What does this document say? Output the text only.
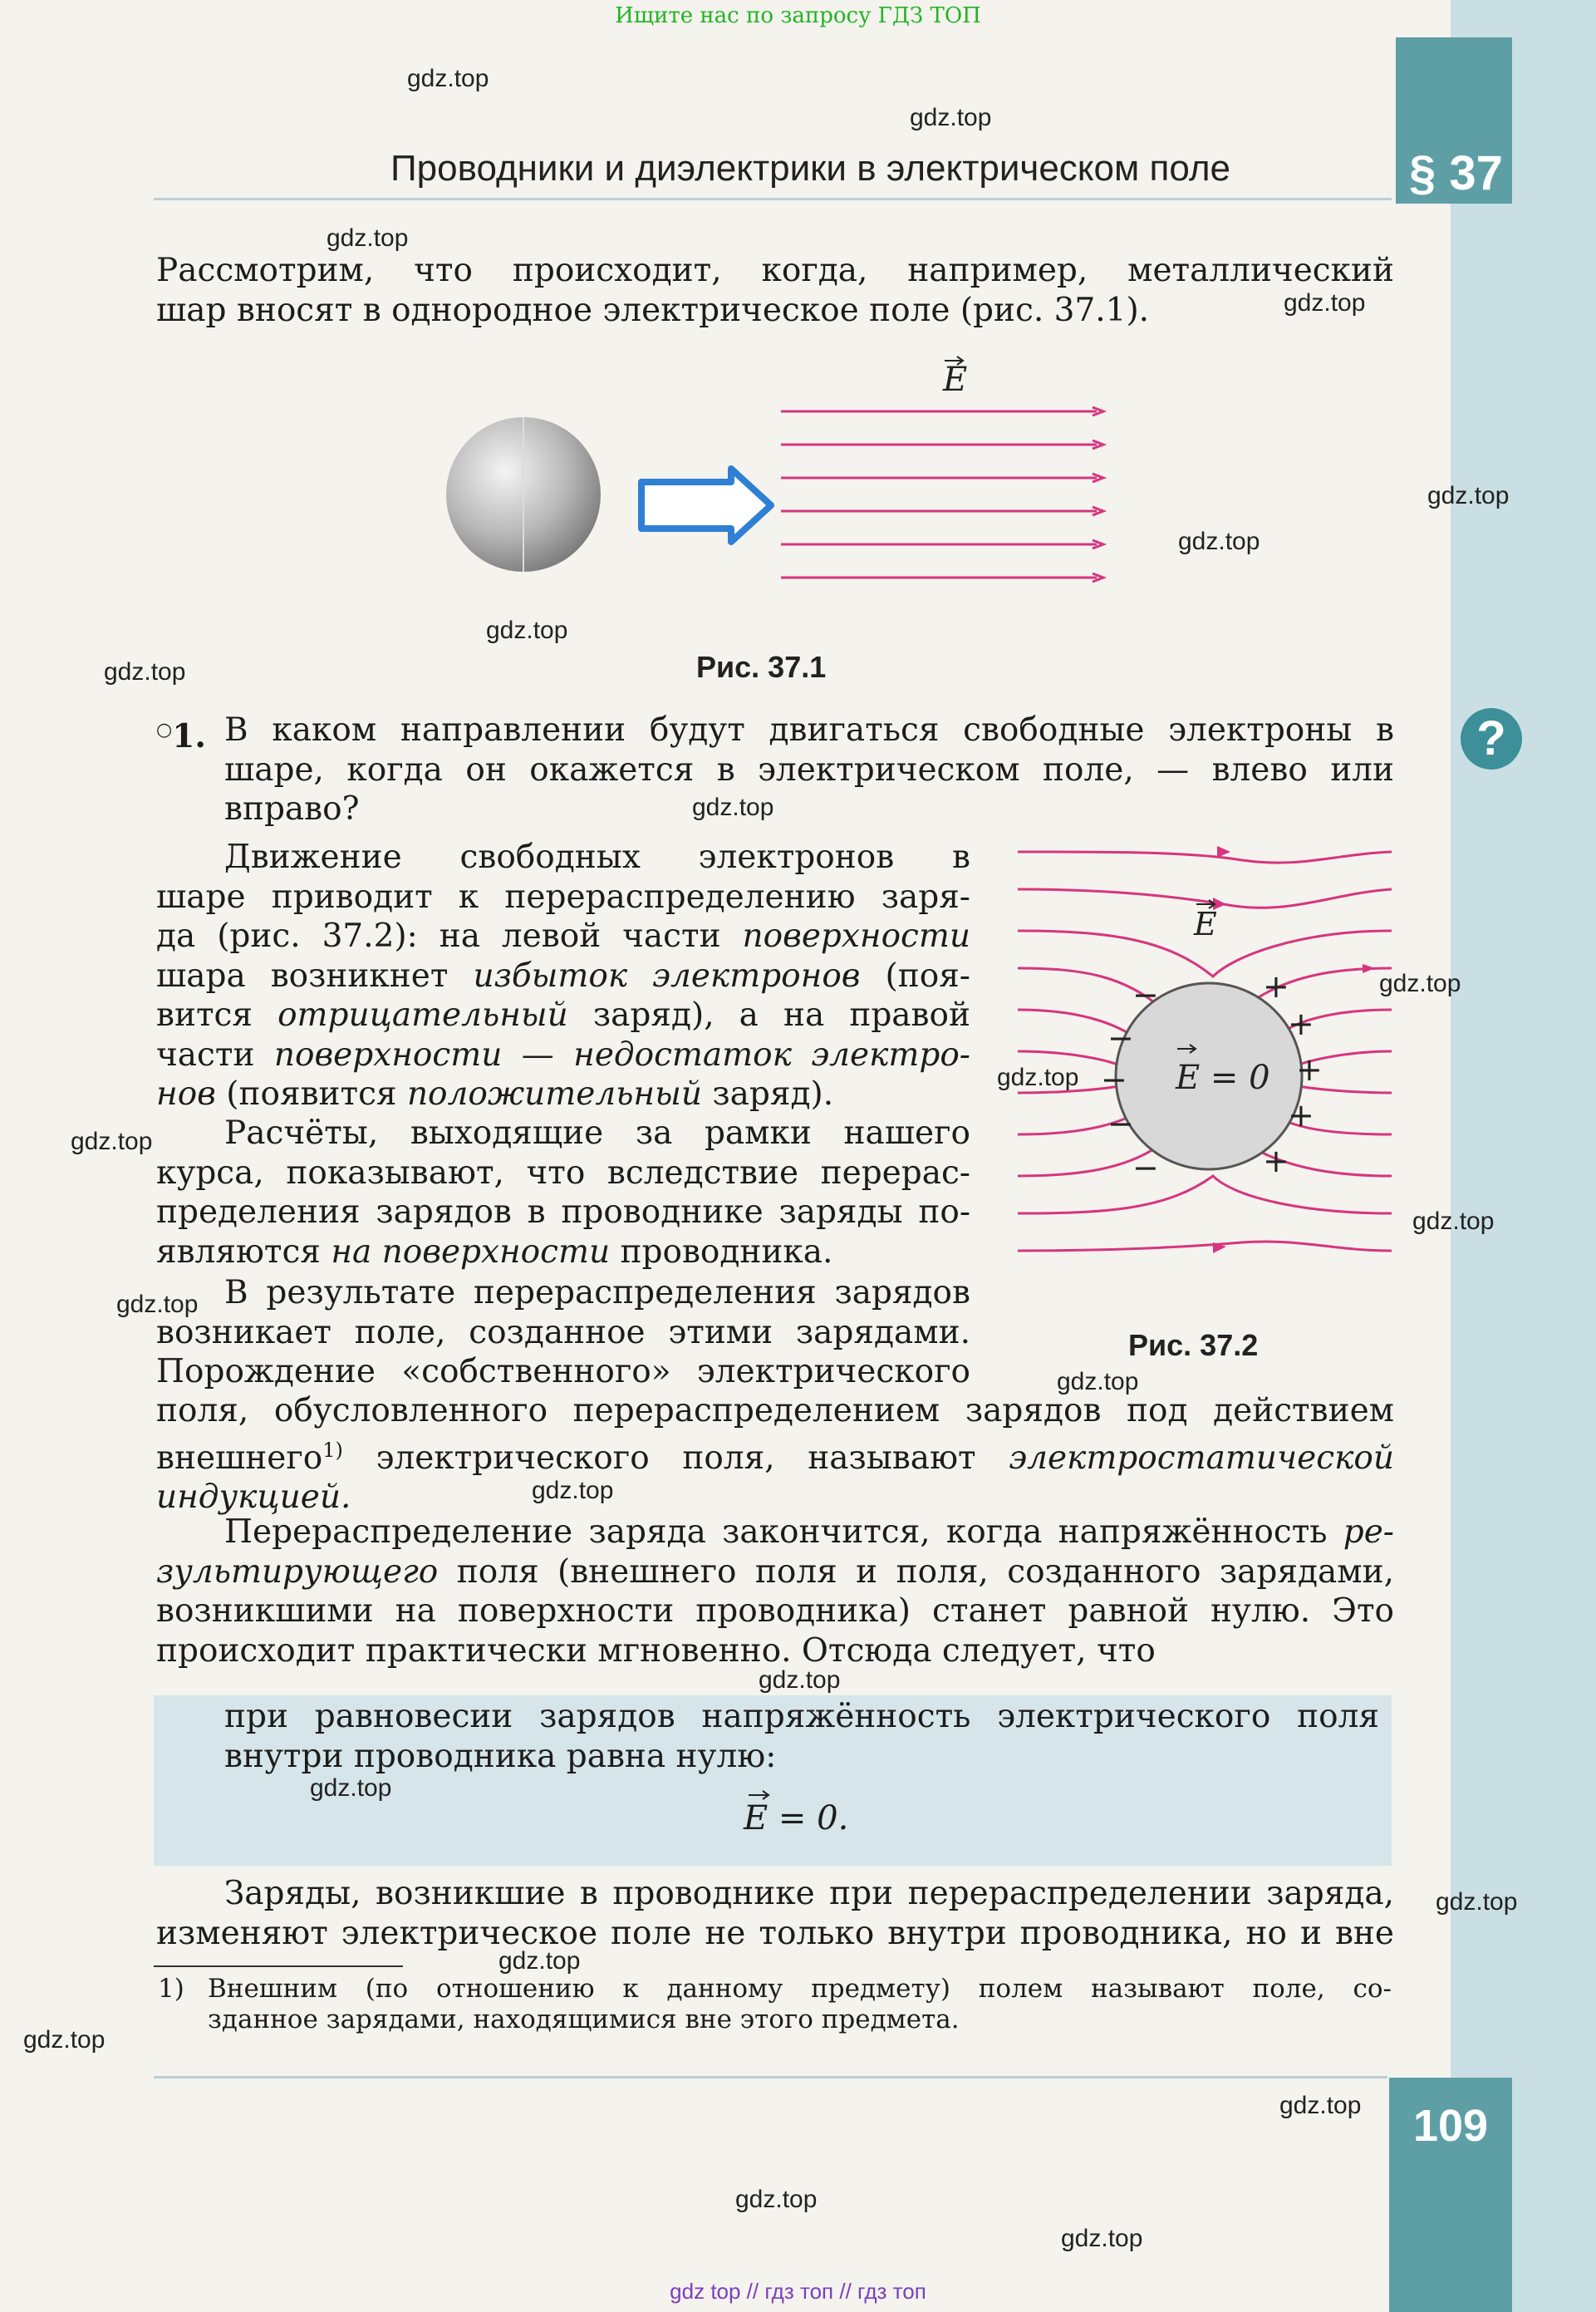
Ищите нас по запросу ГДЗ ТОП
§ 37
Проводники и диэлектрики в электрическом поле
Рассмотрим, что происходит, когда, например, металлический
шар вносят в однородное электрическое поле (рис. 37.1).
E
Рис. 37.1
○1. В каком направлении будут двигаться свободные электроны в
шаре, когда он окажется в электрическом поле, — влево или
вправо?
?
Движение свободных электронов в
шаре приводит к перераспределению заря-
да (рис. 37.2): на левой части поверхности
шара возникнет избыток электронов (поя-
вится отрицательный заряд), а на правой
части поверхности — недостаток электро-
нов (появится положительный заряд).
Расчёты, выходящие за рамки нашего
курса, показывают, что вследствие перерас-
пределения зарядов в проводнике заряды по-
являются на поверхности проводника.
В результате перераспределения зарядов
возникает поле, созданное этими зарядами.
Порождение «собственного» электрического
поля, обусловленного перераспределением зарядов под действием
внешнего$^{1)}$ электрического поля, называют электростатической
индукцией.
E
E = 0
−
−
−
−
−
+
+
+
+
+
Рис. 37.2
Перераспределение заряда закончится, когда напряжённость ре-
зультирующего поля (внешнего поля и поля, созданного зарядами,
возникшими на поверхности проводника) станет равной нулю. Это
происходит практически мгновенно. Отсюда следует, что
при равновесии зарядов напряжённость электрического поля
внутри проводника равна нулю:
E = 0.
Заряды, возникшие в проводнике при перераспределении заряда,
изменяют электрическое поле не только внутри проводника, но и вне
1) Внешним (по отношению к данному предмету) полем называют поле, со-
зданное зарядами, находящимися вне этого предмета.
109
gdz.top
gdz.top
gdz.top
gdz.top
gdz.top
gdz.top
gdz.top
gdz.top
gdz.top
gdz.top
gdz.top
gdz.top
gdz.top
gdz.top
gdz.top
gdz.top
gdz.top
gdz.top
gdz.top
gdz.top
gdz.top
gdz.top
gdz.top
gdz.top
gdz top // гдз топ // гдз топ
